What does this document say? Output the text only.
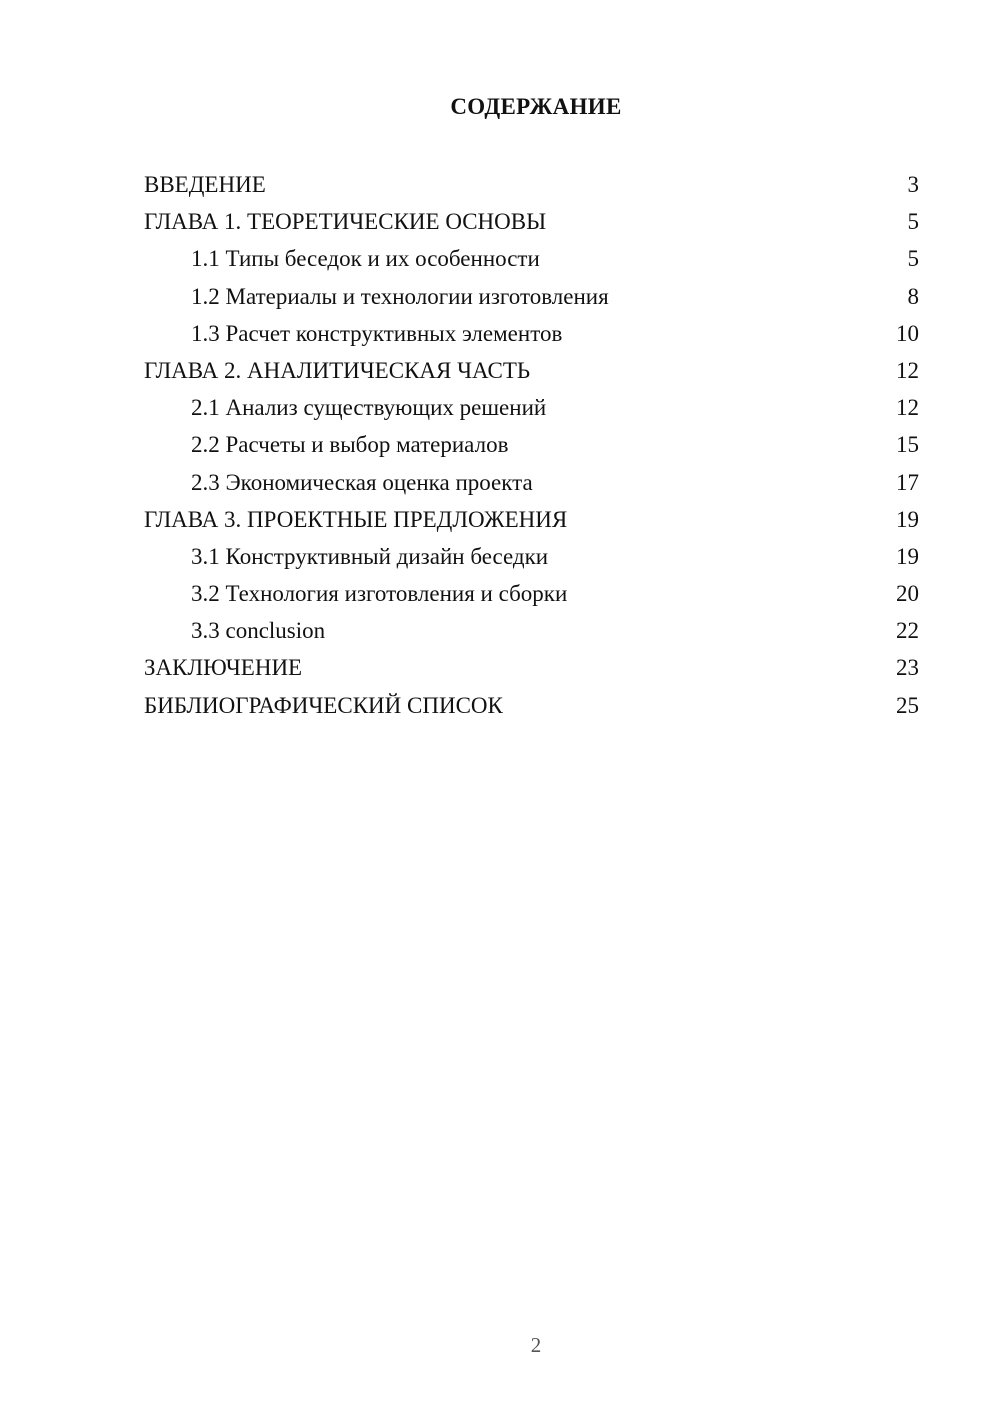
СОДЕРЖАНИЕ
ВВЕДЕНИЕ	3
ГЛАВА 1. ТЕОРЕТИЧЕСКИЕ ОСНОВЫ	5
1.1 Типы беседок и их особенности	5
1.2 Материалы и технологии изготовления	8
1.3 Расчет конструктивных элементов	10
ГЛАВА 2. АНАЛИТИЧЕСКАЯ ЧАСТЬ	12
2.1 Анализ существующих решений	12
2.2 Расчеты и выбор материалов	15
2.3 Экономическая оценка проекта	17
ГЛАВА 3. ПРОЕКТНЫЕ ПРЕДЛОЖЕНИЯ	19
3.1 Конструктивный дизайн беседки	19
3.2 Технология изготовления и сборки	20
3.3 conclusion	22
ЗАКЛЮЧЕНИЕ	23
БИБЛИОГРАФИЧЕСКИЙ СПИСОК	25
2
